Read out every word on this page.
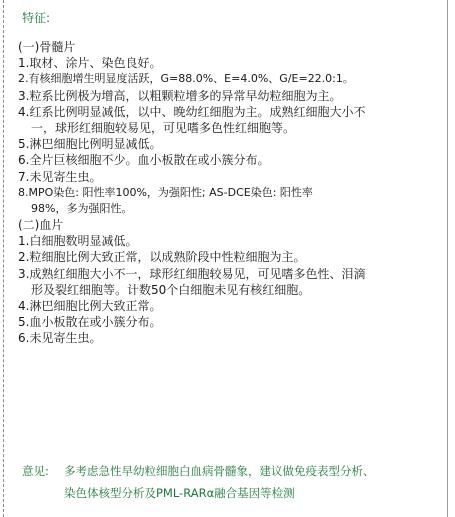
特征:
(一)骨髓片
1.取材、涂片、染色良好。
2.有核细胞增生明显度活跃，G=88.0%、E=4.0%、G/E=22.0:1。
3.粒系比例极为增高，以粗颗粒增多的异常早幼粒细胞为主。
4.红系比例明显减低，以中、晚幼红细胞为主。成熟红细胞大小不
一，球形红细胞较易见，可见嗜多色性红细胞等。
5.淋巴细胞比例明显减低。
6.全片巨核细胞不少。血小板散在或小簇分布。
7.未见寄生虫。
8.MPO染色: 阳性率100%，为强阳性; AS-DCE染色: 阳性率
98%，多为强阳性。
(二)血片
1.白细胞数明显减低。
2.粒细胞比例大致正常，以成熟阶段中性粒细胞为主。
3.成熟红细胞大小不一，球形红细胞较易见，可见嗜多色性、泪滴
形及裂红细胞等。计数50个白细胞未见有核红细胞。
4.淋巴细胞比例大致正常。
5.血小板散在或小簇分布。
6.未见寄生虫。
意见: 多考虑急性早幼粒细胞白血病骨髓象，建议做免疫表型分析、
染色体核型分析及PML-RARα融合基因等检测
